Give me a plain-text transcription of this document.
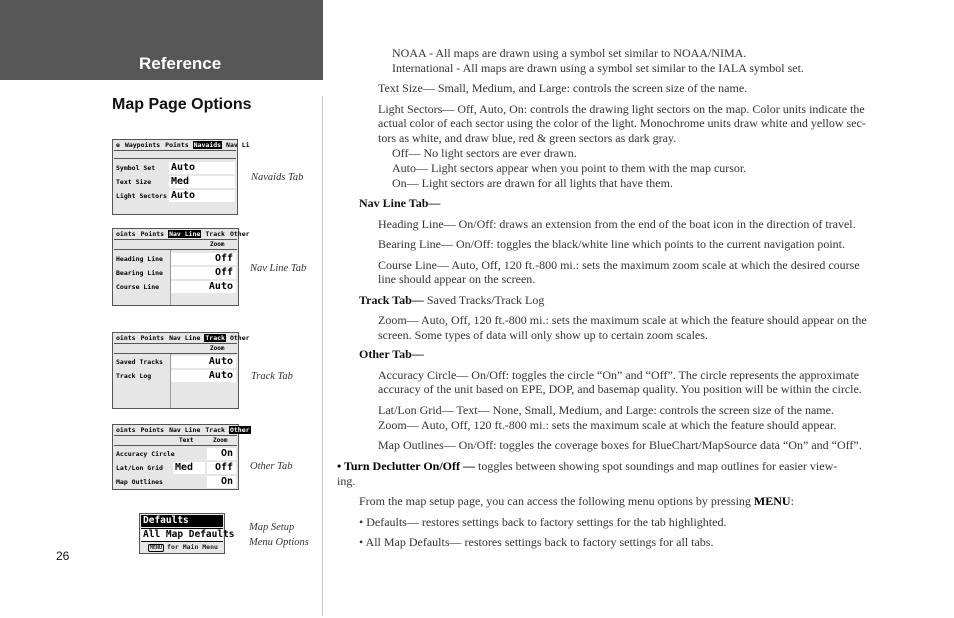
Reference
Map Page Options
e Waypoints Points Navaids Nav Li
Symbol Set Auto
Text Size Med
Light Sectors Auto
Navaids Tab
oints Points Nav Line Track Other
Zoom
Heading Line	Off
Bearing Line	Off
Course Line	Auto
Nav Line Tab
oints Points Nav Line Track Other
Zoom
Saved Tracks	Auto
Track Log	Auto Track Tab
oints Points Nav Line Track Other
Text	Zoom
Accuracy Circle	On
Lat/Lon Grid Med	Off
Map Outlines	On
Other Tab
Defaults
All Map Defaults
MENU for Main Menu
Map Setup
Menu Options
26
NOAA - All maps are drawn using a symbol set similar to NOAA/NIMA.
International - All maps are drawn using a symbol set similar to the IALA symbol set.
Text Size— Small, Medium, and Large: controls the screen size of the name.
Light Sectors— Off, Auto, On: controls the drawing light sectors on the map. Color units indicate the
actual color of each sector using the color of the light. Monochrome units draw white and yellow sec-
tors as white, and draw blue, red & green sectors as dark gray.
Off— No light sectors are ever drawn.
Auto— Light sectors appear when you point to them with the map cursor.
On— Light sectors are drawn for all lights that have them.
Nav Line Tab—
Heading Line— On/Off: draws an extension from the end of the boat icon in the direction of travel.
Bearing Line— On/Off: toggles the black/white line which points to the current navigation point.
Course Line— Auto, Off, 120 ft.-800 mi.: sets the maximum zoom scale at which the desired course
line should appear on the screen.
Track Tab— Saved Tracks/Track Log
Zoom— Auto, Off, 120 ft.-800 mi.: sets the maximum scale at which the feature should appear on the
screen. Some types of data will only show up to certain zoom scales.
Other Tab—
Accuracy Circle— On/Off: toggles the circle “On” and “Off”. The circle represents the approximate
accuracy of the unit based on EPE, DOP, and basemap quality. You position will be within the circle.
Lat/Lon Grid— Text— None, Small, Medium, and Large: controls the screen size of the name.
Zoom— Auto, Off, 120 ft.-800 mi.: sets the maximum scale at which the feature should appear.
Map Outlines— On/Off: toggles the coverage boxes for BlueChart/MapSource data “On” and “Off”.
• Turn Declutter On/Off — toggles between showing spot soundings and map outlines for easier view-
ing.
From the map setup page, you can access the following menu options by pressing MENU:
• Defaults— restores settings back to factory settings for the tab highlighted.
• All Map Defaults— restores settings back to factory settings for all tabs.
